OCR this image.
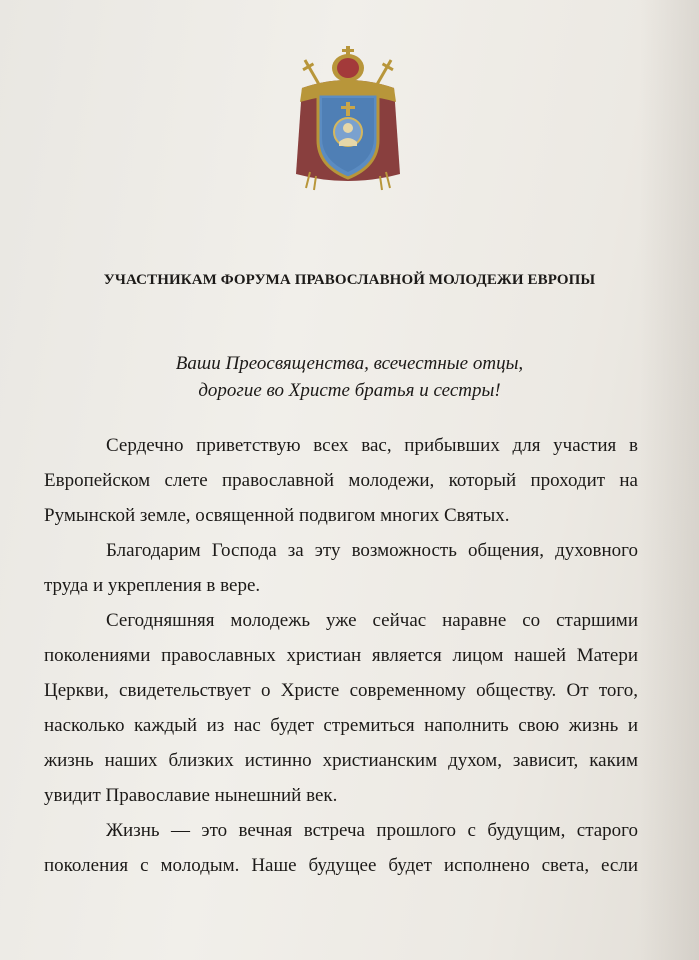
УЧАСТНИКАМ ФОРУМА ПРАВОСЛАВНОЙ МОЛОДЕЖИ ЕВРОПЫ
Ваши Преосвященства, всечестные отцы,
дорогие во Христе братья и сестры!

Сердечно приветствую всех вас, прибывших для участия в
Европейском слете православной молодежи, который проходит на
Румынской земле, освященной подвигом многих Святых.

Благодарим Господа за эту возможность общения, духовного
труда и укрепления в вере.

Сегодняшняя молодежь уже сейчас наравне со старшими
поколениями православных христиан является лицом нашей Матери
Церкви, свидетельствует о Христе современному обществу. От того,
насколько каждый из нас будет стремиться наполнить свою жизнь и
жизнь наших близких истинно христианским духом, зависит, каким
увидит Православие нынешний век.

Жизнь — это вечная встреча прошлого с будущим, старого
поколения с молодым. Наше будущее будет исполнено света, если
